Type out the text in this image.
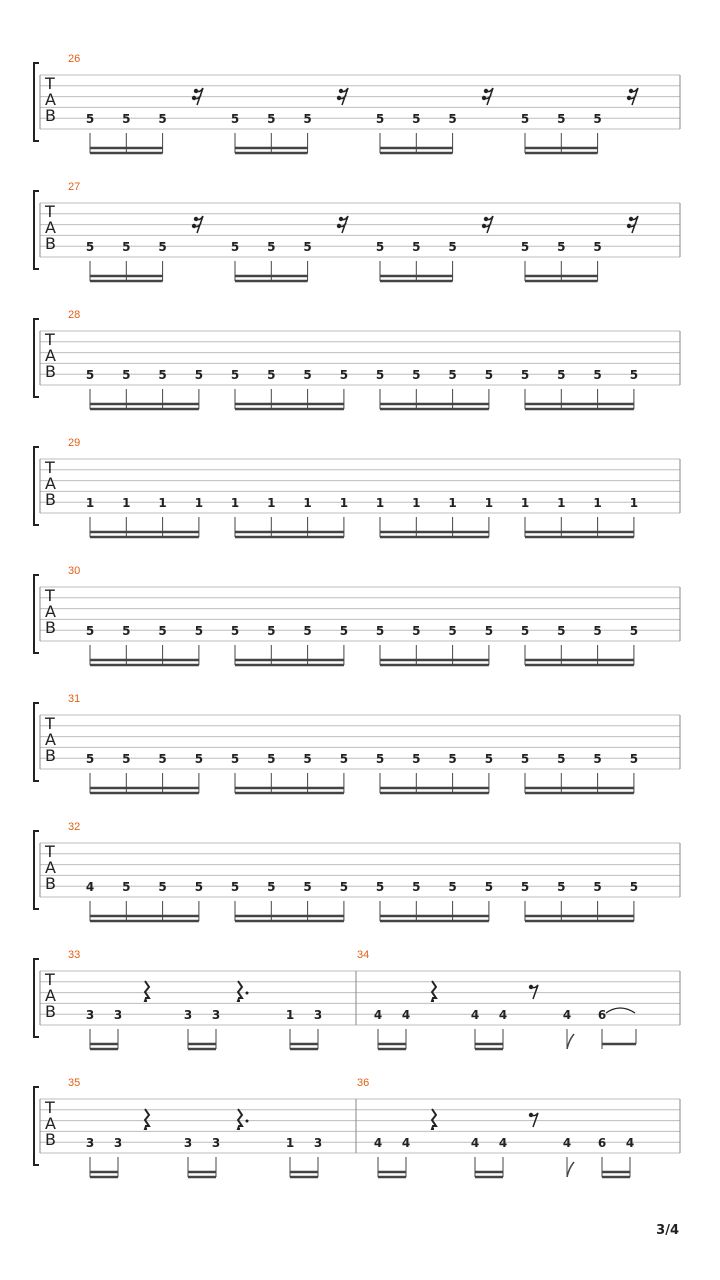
T
A
B
26
5 5 5	5 5 5	5 5 5	5 5 5
T
A
B
27
5 5 5	5 5 5	5 5 5	5 5 5
T
A
B
28
5 5 5 5 5 5 5 5 5 5 5 5 5 5 5 5
T
A
B
29
1 1 1 1 1 1 1 1 1 1 1 1 1 1 1 1
T
A
B
30
5 5 5 5 5 5 5 5 5 5 5 5 5 5 5 5
T
A
B
31
5 5 5 5 5 5 5 5 5 5 5 5 5 5 5 5
T
A
B
32
4 5 5 5 5 5 5 5 5 5 5 5 5 5 5 5
T
A
B
33
3 3	3 3	1 3
34
4 4	4 4	4 6
T
A
B
35
3 3	3 3	1 3
36
4 4	4 4	4 6 4
3/4
